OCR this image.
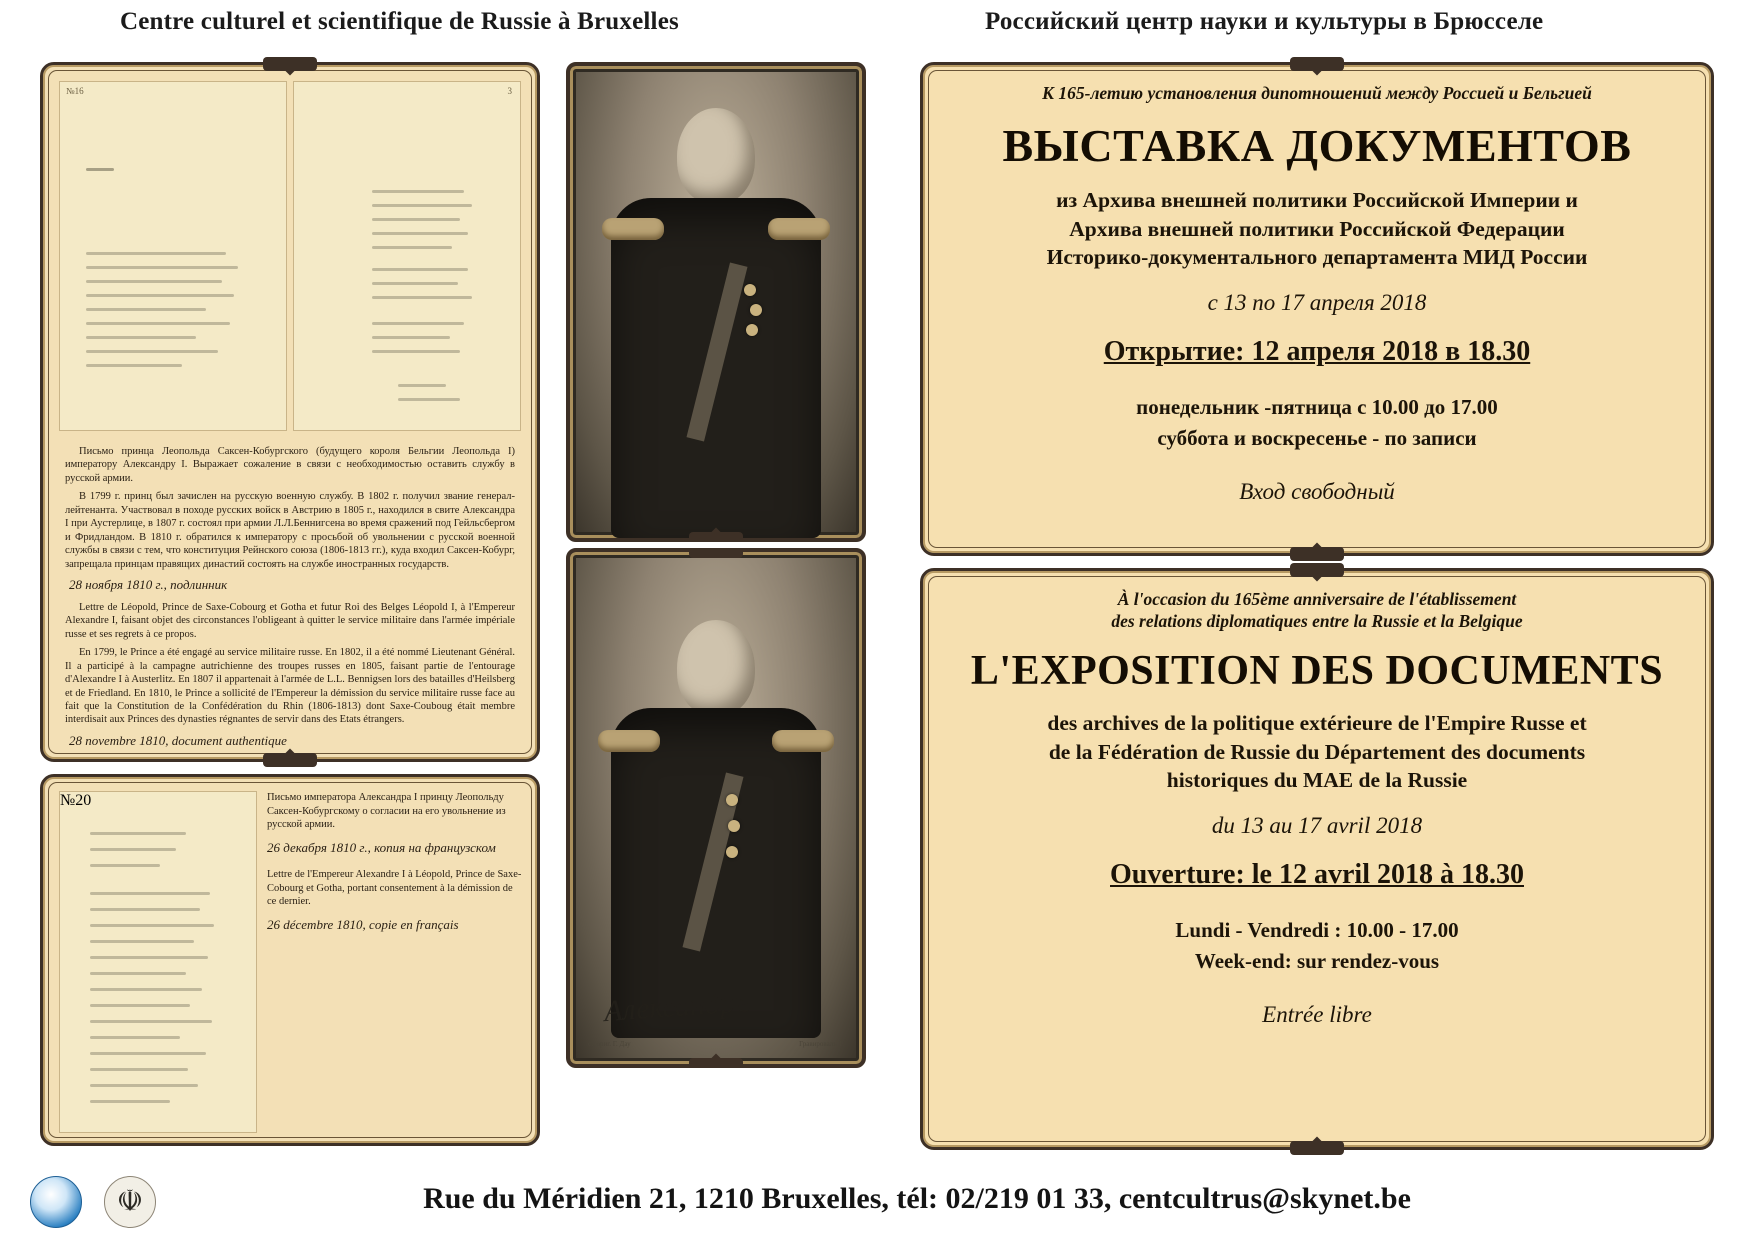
Centre culturel et scientifique de Russie à Bruxelles	Российский центр науки и культуры в Брюсселе
№16	3

Письмо принца Леопольда Саксен-Кобургского (будущего короля Бельгии Леопольда I) императору Александру I. Выражает сожаление в связи с необходимостью оставить службу в русской армии.

В 1799 г. принц был зачислен на русскую военную службу. В 1802 г. получил звание генерал-лейтенанта. Участвовал в походе русских войск в Австрию в 1805 г., находился в свите Александра I при Аустерлице, в 1807 г. состоял при армии Л.Л.Беннигсена во время сражений под Гейльсбергом и Фридландом. В 1810 г. обратился к императору с просьбой об увольнении с русской военной службы в связи с тем, что конституция Рейнского союза (1806-1813 гг.), куда входил Саксен-Кобург, запрещала принцам правящих династий состоять на службе иностранных государств.

28 ноября 1810 г., подлинник

Lettre de Léopold, Prince de Saxe-Cobourg et Gotha et futur Roi des Belges Léopold I, à l'Empereur Alexandre I, faisant objet des circonstances l'obligeant à quitter le service militaire dans l'armée impériale russe et ses regrets à ce propos.

En 1799, le Prince a été engagé au service militaire russe. En 1802, il a été nommé Lieutenant Général. Il a participé à la campagne autrichienne des troupes russes en 1805, faisant partie de l'entourage d'Alexandre I à Austerlitz. En 1807 il appartenait à l'armée de L.L. Bennigsen lors des batailles d'Heilsberg et de Friedland. En 1810, le Prince a sollicité de l'Empereur la démission du service militaire russe face au fait que la Constitution de la Confédération du Rhin (1806-1813) dont Saxe-Couboug était membre interdisait aux Princes des dynasties régnantes de servir dans des Etats étrangers.

28 novembre 1810, document authentique
№20	Письмо императора Александра I принцу Леопольду Саксен-Кобургскому о согласии на его увольнение из русской армии.

26 декабря 1810 г., копия на французском

Lettre de l'Empereur Alexandre I à Léopold, Prince de Saxe-Cobourg et Gotha, portant consentement à la démission de ce dernier.

26 décembre 1810, copie en français
Александръ
съ ориг. Г. Дау	Гравировалъ Т.
К 165-летию установления дипотношений между Россией и Бельгией
ВЫСТАВКА ДОКУМЕНТОВ
из Архива внешней политики Российской Империи и
Архива внешней политики Российской Федерации
Историко-документального департамента МИД России
с 13 по 17 апреля 2018
Открытие: 12 апреля 2018 в 18.30
понедельник -пятница с 10.00 до 17.00
суббота и воскресенье - по записи
Вход свободный
À l'occasion du 165ème anniversaire de l'établissement
des relations diplomatiques entre la Russie et la Belgique
L'EXPOSITION DES DOCUMENTS
des archives de la politique extérieure de l'Empire Russe et
de la Fédération de Russie du Département des documents
historiques du MAE de la Russie
du 13 au 17 avril 2018
Ouverture: le 12 avril 2018 à 18.30
Lundi - Vendredi : 10.00 - 17.00
Week-end: sur rendez-vous
Entrée libre
☫	Rue du Méridien 21, 1210 Bruxelles, tél: 02/219 01 33, centcultrus@skynet.be
